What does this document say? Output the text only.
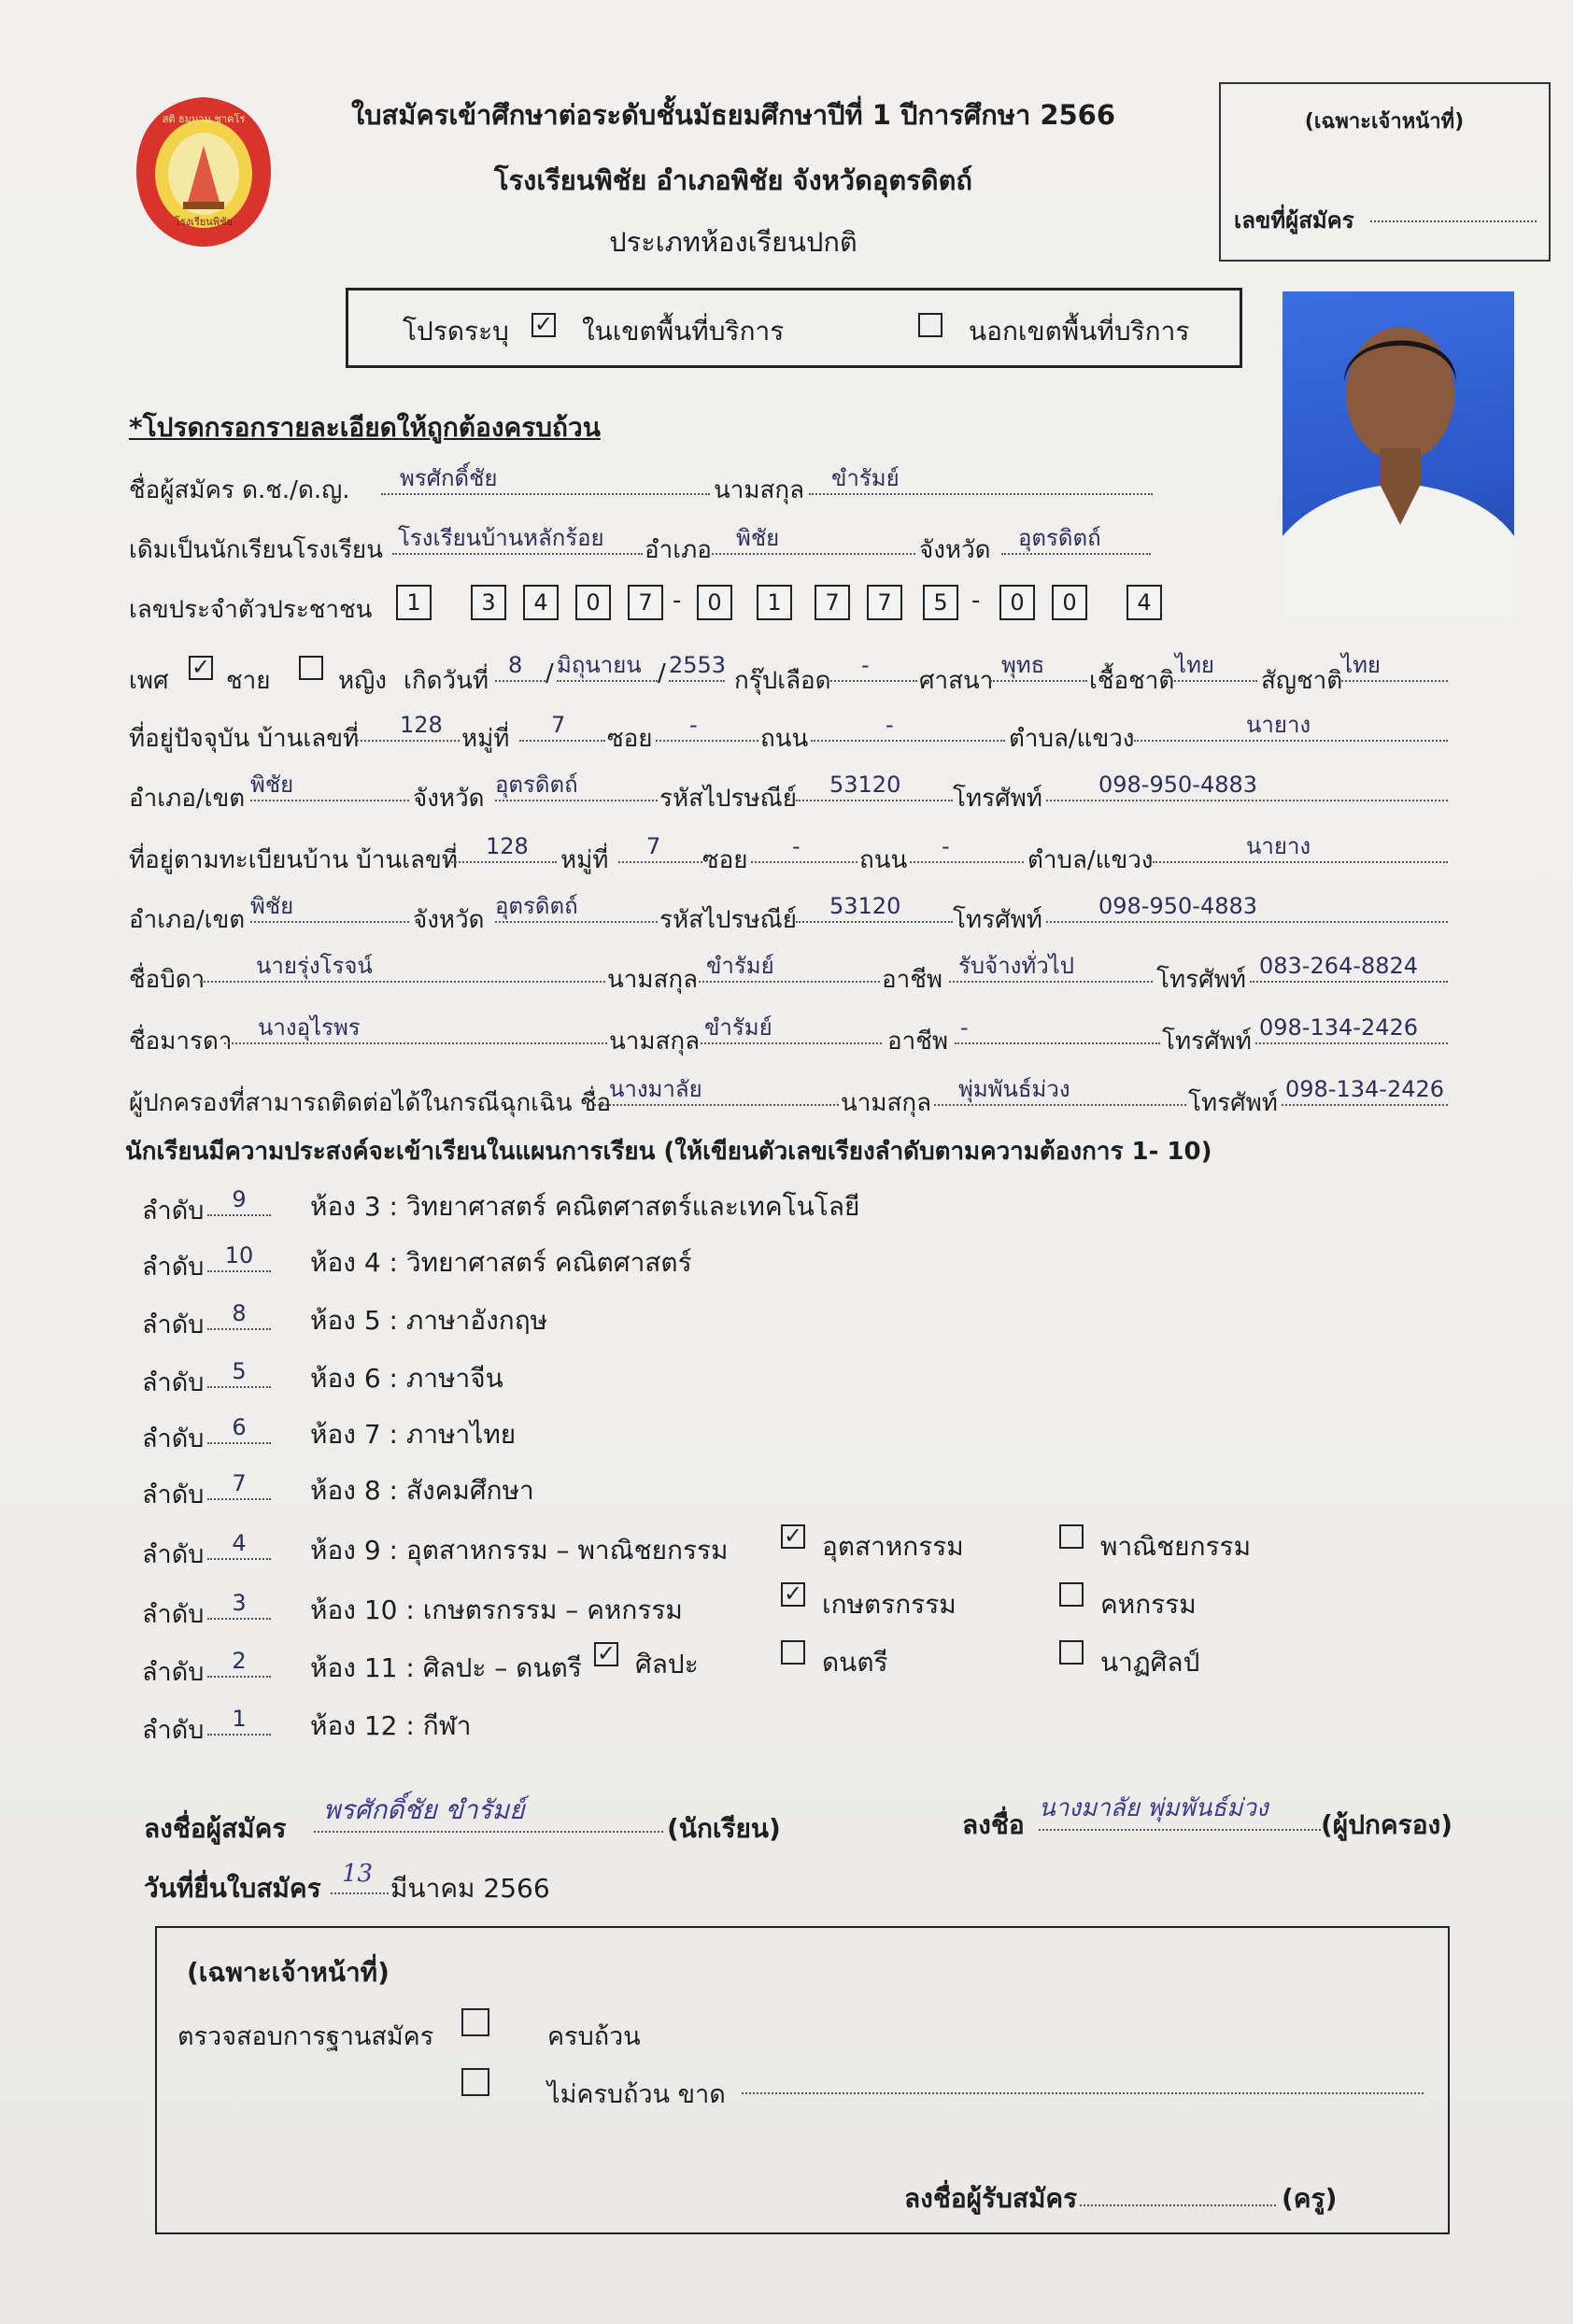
สติ ธมฺมาน ชาคโร
โรงเรียนพิชัย
ใบสมัครเข้าศึกษาต่อระดับชั้นมัธยมศึกษาปีที่ 1 ปีการศึกษา 2566
โรงเรียนพิชัย อำเภอพิชัย จังหวัดอุตรดิตถ์
ประเภทห้องเรียนปกติ
(เฉพาะเจ้าหน้าที่)
เลขที่ผู้สมัคร
โปรดระบุ ✓ ในเขตพื้นที่บริการ	นอกเขตพื้นที่บริการ
*โปรดกรอกรายละเอียดให้ถูกต้องครบถ้วน
ชื่อผู้สมัคร ด.ช./ด.ญ.	พรศักดิ์ชัย	นามสกุล	ขำรัมย์
เดิมเป็นนักเรียนโรงเรียน โรงเรียนบ้านหลักร้อย	อำเภอ	พิชัย	จังหวัด	อุตรดิตถ์
เลขประจำตัวประชาชน	1	3	4	0	7 -	0	1	7	7	5 -	0	0	4
เพศ ✓ ชาย	หญิง เกิดวันที่
8 / มิถุนายน / 2553
กรุ๊ปเลือด
-
ศาสนา
พุทธ
เชื้อชาติ
ไทย
สัญชาติ
ไทย
ที่อยู่ปัจจุบัน บ้านเลขที่	128 หมู่ที่	7	ซอย	-	ถนน	-	ตำบล/แขวง	นายาง
อำเภอ/เขต พิชัย	จังหวัด อุตรดิตถ์	รหัสไปรษณีย์	53120	โทรศัพท์	098-950-4883
ที่อยู่ตามทะเบียนบ้าน บ้านเลขที่	128	หมู่ที่	7	ซอย	-	ถนน	-	ตำบล/แขวง	นายาง
อำเภอ/เขต พิชัย	จังหวัด อุตรดิตถ์	รหัสไปรษณีย์	53120	โทรศัพท์	098-950-4883
ชื่อบิดา	นายรุ่งโรจน์	นามสกุล ขำรัมย์	อาชีพ รับจ้างทั่วไป	โทรศัพท์ 083-264-8824
ชื่อมารดา	นางอุไรพร	นามสกุล ขำรัมย์	อาชีพ -	โทรศัพท์ 098-134-2426
ผู้ปกครองที่สามารถติดต่อได้ในกรณีฉุกเฉิน ชื่อ
นางมาลัย	นามสกุล	พุ่มพันธ์ม่วง	โทรศัพท์ 098-134-2426
นักเรียนมีความประสงค์จะเข้าเรียนในแผนการเรียน (ให้เขียนตัวเลขเรียงลำดับตามความต้องการ 1- 10)
ลำดับ	9	ห้อง 3 : วิทยาศาสตร์ คณิตศาสตร์และเทคโนโลยี
ลำดับ 10	ห้อง 4 : วิทยาศาสตร์ คณิตศาสตร์
ลำดับ	8	ห้อง 5 : ภาษาอังกฤษ
ลำดับ	5	ห้อง 6 : ภาษาจีน
ลำดับ	6	ห้อง 7 : ภาษาไทย
ลำดับ	7	ห้อง 8 : สังคมศึกษา
ลำดับ	4	ห้อง 9 : อุตสาหกรรม – พาณิชยกรรม
ลำดับ	3	ห้อง 10 : เกษตรกรรม – คหกรรม
ลำดับ	2	ห้อง 11 : ศิลปะ – ดนตรี
ลำดับ	1	ห้อง 12 : กีฬา
✓ อุตสาหกรรม	พาณิชยกรรม
✓ เกษตรกรรม	คหกรรม
✓ ศิลปะ	ดนตรี	นาฏศิลป์
ลงชื่อผู้สมัคร
พรศักดิ์ชัย ขำรัมย์
(นักเรียน)	ลงชื่อ
นางมาลัย พุ่มพันธ์ม่วง
(ผู้ปกครอง)
วันที่ยื่นใบสมัคร 13 มีนาคม 2566
(เฉพาะเจ้าหน้าที่)
ตรวจสอบการฐานสมัคร	ครบถ้วน
ไม่ครบถ้วน ขาด
ลงชื่อผู้รับสมัคร	(ครู)
